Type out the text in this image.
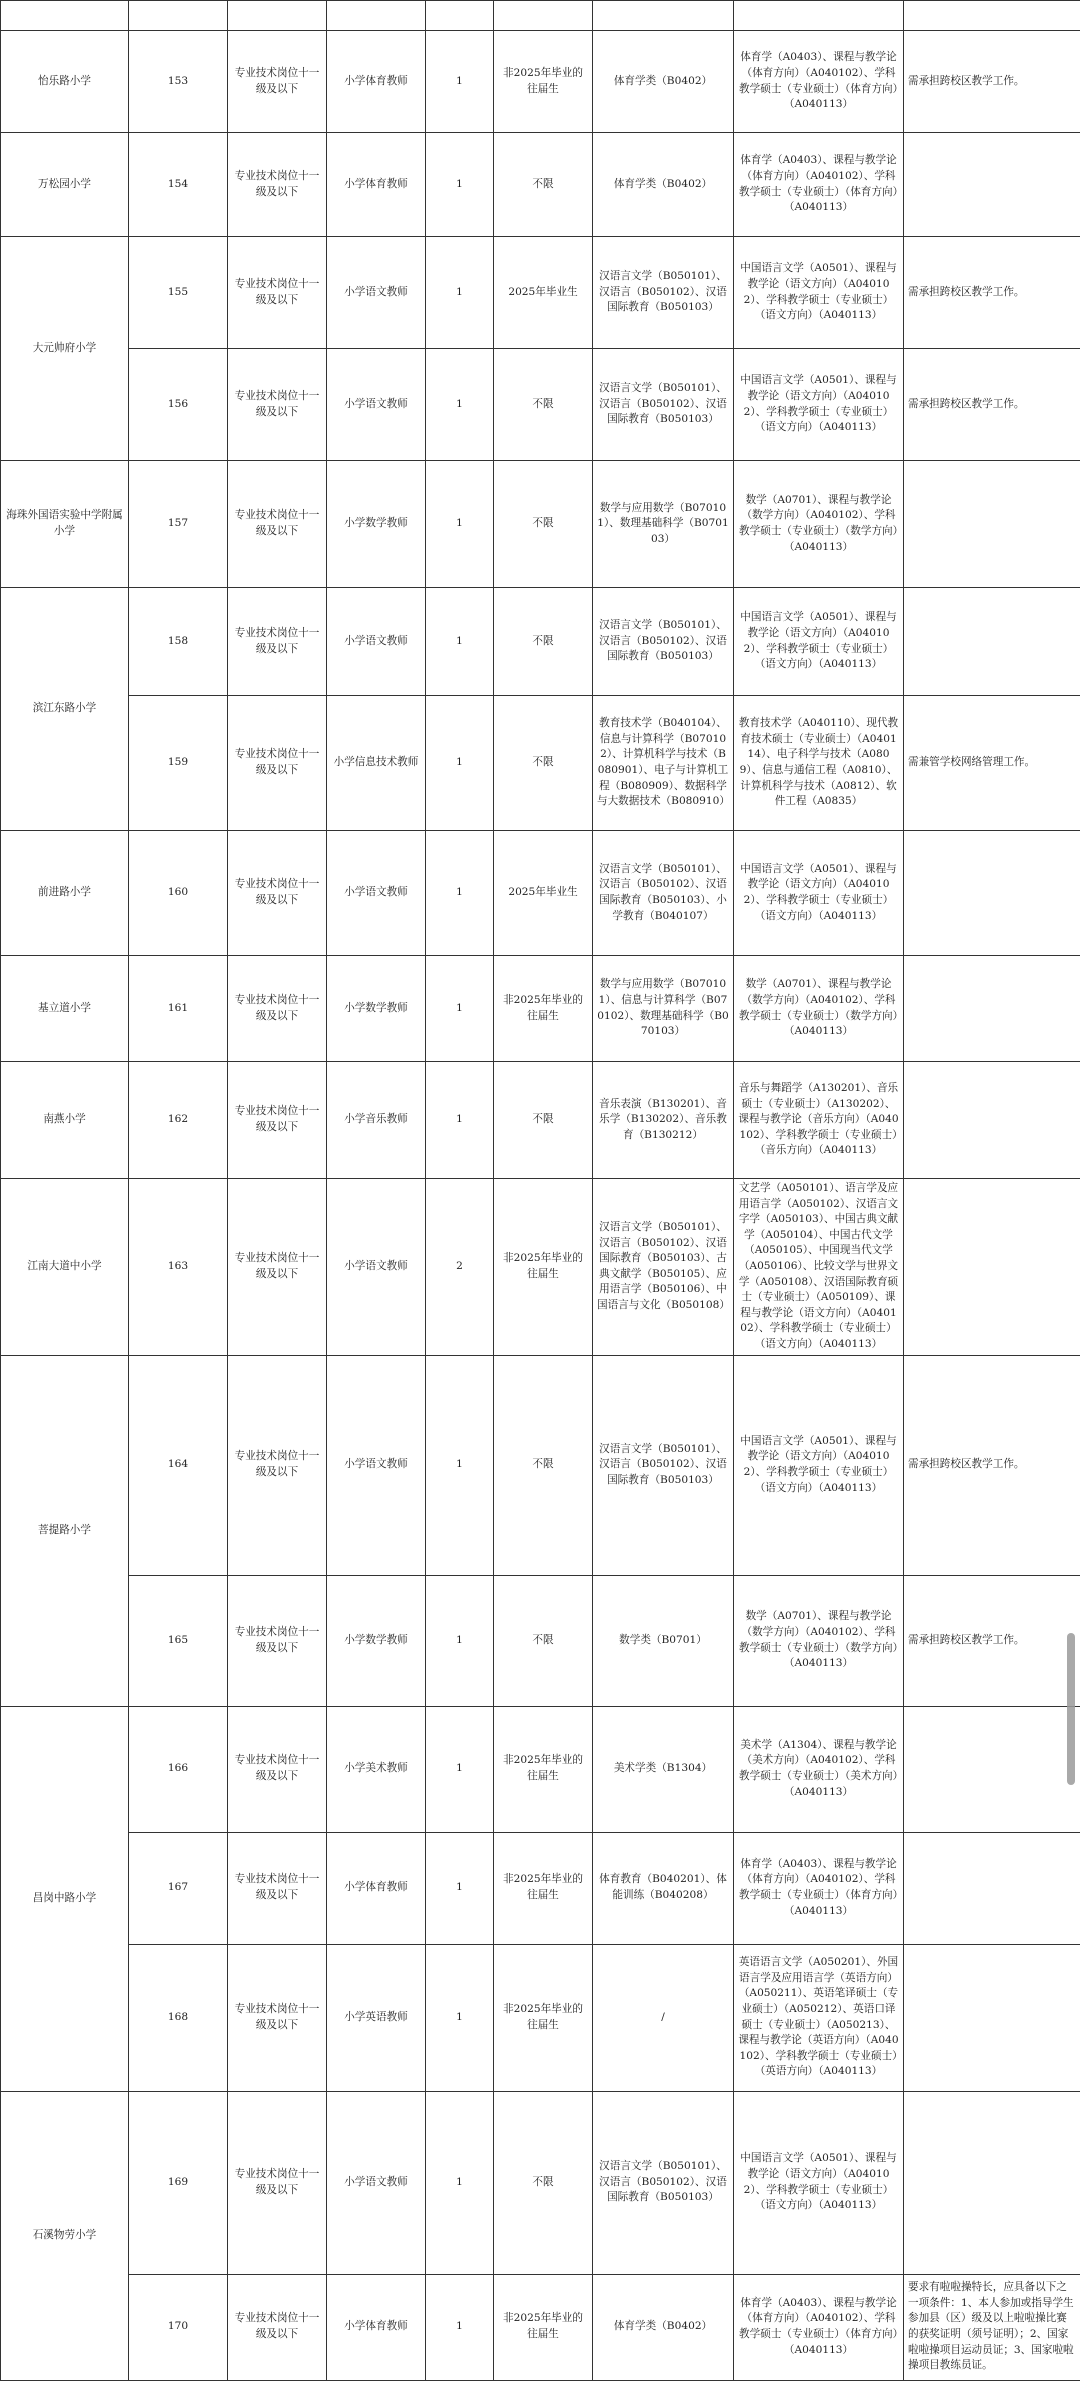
怡乐路小学	153	专业技术岗位十一级及以下	小学体育教师	1	非2025年毕业的往届生	体育学类（B0402）	体育学（A0403）、课程与教学论（体育方向）（A040102）、学科教学硕士（专业硕士）（体育方向）（A040113）	需承担跨校区教学工作。
万松园小学	154	专业技术岗位十一级及以下	小学体育教师	1	不限	体育学类（B0402）	体育学（A0403）、课程与教学论（体育方向）（A040102）、学科教学硕士（专业硕士）（体育方向）（A040113）	
大元帅府小学	155	专业技术岗位十一级及以下	小学语文教师	1	2025年毕业生	汉语言文学（B050101）、汉语言（B050102）、汉语国际教育（B050103）	中国语言文学（A0501）、课程与教学论（语文方向）（A040102）、学科教学硕士（专业硕士）（语文方向）（A040113）	需承担跨校区教学工作。
	156	专业技术岗位十一级及以下	小学语文教师	1	不限	汉语言文学（B050101）、汉语言（B050102）、汉语国际教育（B050103）	中国语言文学（A0501）、课程与教学论（语文方向）（A040102）、学科教学硕士（专业硕士）（语文方向）（A040113）	需承担跨校区教学工作。
海珠外国语实验中学附属小学	157	专业技术岗位十一级及以下	小学数学教师	1	不限	数学与应用数学（B070101）、数理基础科学（B070103）	数学（A0701）、课程与教学论（数学方向）（A040102）、学科教学硕士（专业硕士）（数学方向）（A040113）	
滨江东路小学	158	专业技术岗位十一级及以下	小学语文教师	1	不限	汉语言文学（B050101）、汉语言（B050102）、汉语国际教育（B050103）	中国语言文学（A0501）、课程与教学论（语文方向）（A040102）、学科教学硕士（专业硕士）（语文方向）（A040113）	
	159	专业技术岗位十一级及以下	小学信息技术教师	1	不限	教育技术学（B040104）、信息与计算科学（B070102）、计算机科学与技术（B080901）、电子与计算机工程（B080909）、数据科学与大数据技术（B080910）	教育技术学（A040110）、现代教育技术硕士（专业硕士）（A040114）、电子科学与技术（A0809）、信息与通信工程（A0810）、计算机科学与技术（A0812）、软件工程（A0835）	需兼管学校网络管理工作。
前进路小学	160	专业技术岗位十一级及以下	小学语文教师	1	2025年毕业生	汉语言文学（B050101）、汉语言（B050102）、汉语国际教育（B050103）、小学教育（B040107）	中国语言文学（A0501）、课程与教学论（语文方向）（A040102）、学科教学硕士（专业硕士）（语文方向）（A040113）	
基立道小学	161	专业技术岗位十一级及以下	小学数学教师	1	非2025年毕业的往届生	数学与应用数学（B070101）、信息与计算科学（B070102）、数理基础科学（B070103）	数学（A0701）、课程与教学论（数学方向）（A040102）、学科教学硕士（专业硕士）（数学方向）（A040113）	
南燕小学	162	专业技术岗位十一级及以下	小学音乐教师	1	不限	音乐表演（B130201）、音乐学（B130202）、音乐教育（B130212）	音乐与舞蹈学（A130201）、音乐硕士（专业硕士）（A130202）、课程与教学论（音乐方向）（A040102）、学科教学硕士（专业硕士）（音乐方向）（A040113）	
江南大道中小学	163	专业技术岗位十一级及以下	小学语文教师	2	非2025年毕业的往届生	汉语言文学（B050101）、汉语言（B050102）、汉语国际教育（B050103）、古典文献学（B050105）、应用语言学（B050106）、中国语言与文化（B050108）	文艺学（A050101）、语言学及应用语言学（A050102）、汉语言文字学（A050103）、中国古典文献学（A050104）、中国古代文学（A050105）、中国现当代文学（A050106）、比较文学与世界文学（A050108）、汉语国际教育硕士（专业硕士）（A050109）、课程与教学论（语文方向）（A040102）、学科教学硕士（专业硕士）（语文方向）（A040113）	
菩提路小学	164	专业技术岗位十一级及以下	小学语文教师	1	不限	汉语言文学（B050101）、汉语言（B050102）、汉语国际教育（B050103）	中国语言文学（A0501）、课程与教学论（语文方向）（A040102）、学科教学硕士（专业硕士）（语文方向）（A040113）	需承担跨校区教学工作。
	165	专业技术岗位十一级及以下	小学数学教师	1	不限	数学类（B0701）	数学（A0701）、课程与教学论（数学方向）（A040102）、学科教学硕士（专业硕士）（数学方向）（A040113）	需承担跨校区教学工作。
昌岗中路小学	166	专业技术岗位十一级及以下	小学美术教师	1	非2025年毕业的往届生	美术学类（B1304）	美术学（A1304）、课程与教学论（美术方向）（A040102）、学科教学硕士（专业硕士）（美术方向）（A040113）	
	167	专业技术岗位十一级及以下	小学体育教师	1	非2025年毕业的往届生	体育教育（B040201）、体能训练（B040208）	体育学（A0403）、课程与教学论（体育方向）（A040102）、学科教学硕士（专业硕士）（体育方向）（A040113）	
	168	专业技术岗位十一级及以下	小学英语教师	1	非2025年毕业的往届生	/	英语语言文学（A050201）、外国语言学及应用语言学（英语方向）（A050211）、英语笔译硕士（专业硕士）（A050212）、英语口译硕士（专业硕士）（A050213）、课程与教学论（英语方向）（A040102）、学科教学硕士（专业硕士）（英语方向）（A040113）	
石溪物劳小学	169	专业技术岗位十一级及以下	小学语文教师	1	不限	汉语言文学（B050101）、汉语言（B050102）、汉语国际教育（B050103）	中国语言文学（A0501）、课程与教学论（语文方向）（A040102）、学科教学硕士（专业硕士）（语文方向）（A040113）	
	170	专业技术岗位十一级及以下	小学体育教师	1	非2025年毕业的往届生	体育学类（B0402）	体育学（A0403）、课程与教学论（体育方向）（A040102）、学科教学硕士（专业硕士）（体育方向）（A040113）	要求有啦啦操特长，应具备以下之一项条件：1、本人参加或指导学生参加县（区）级及以上啦啦操比赛的获奖证明（须号证明）；2、国家啦啦操项目运动员证；3、国家啦啦操项目教练员证。
